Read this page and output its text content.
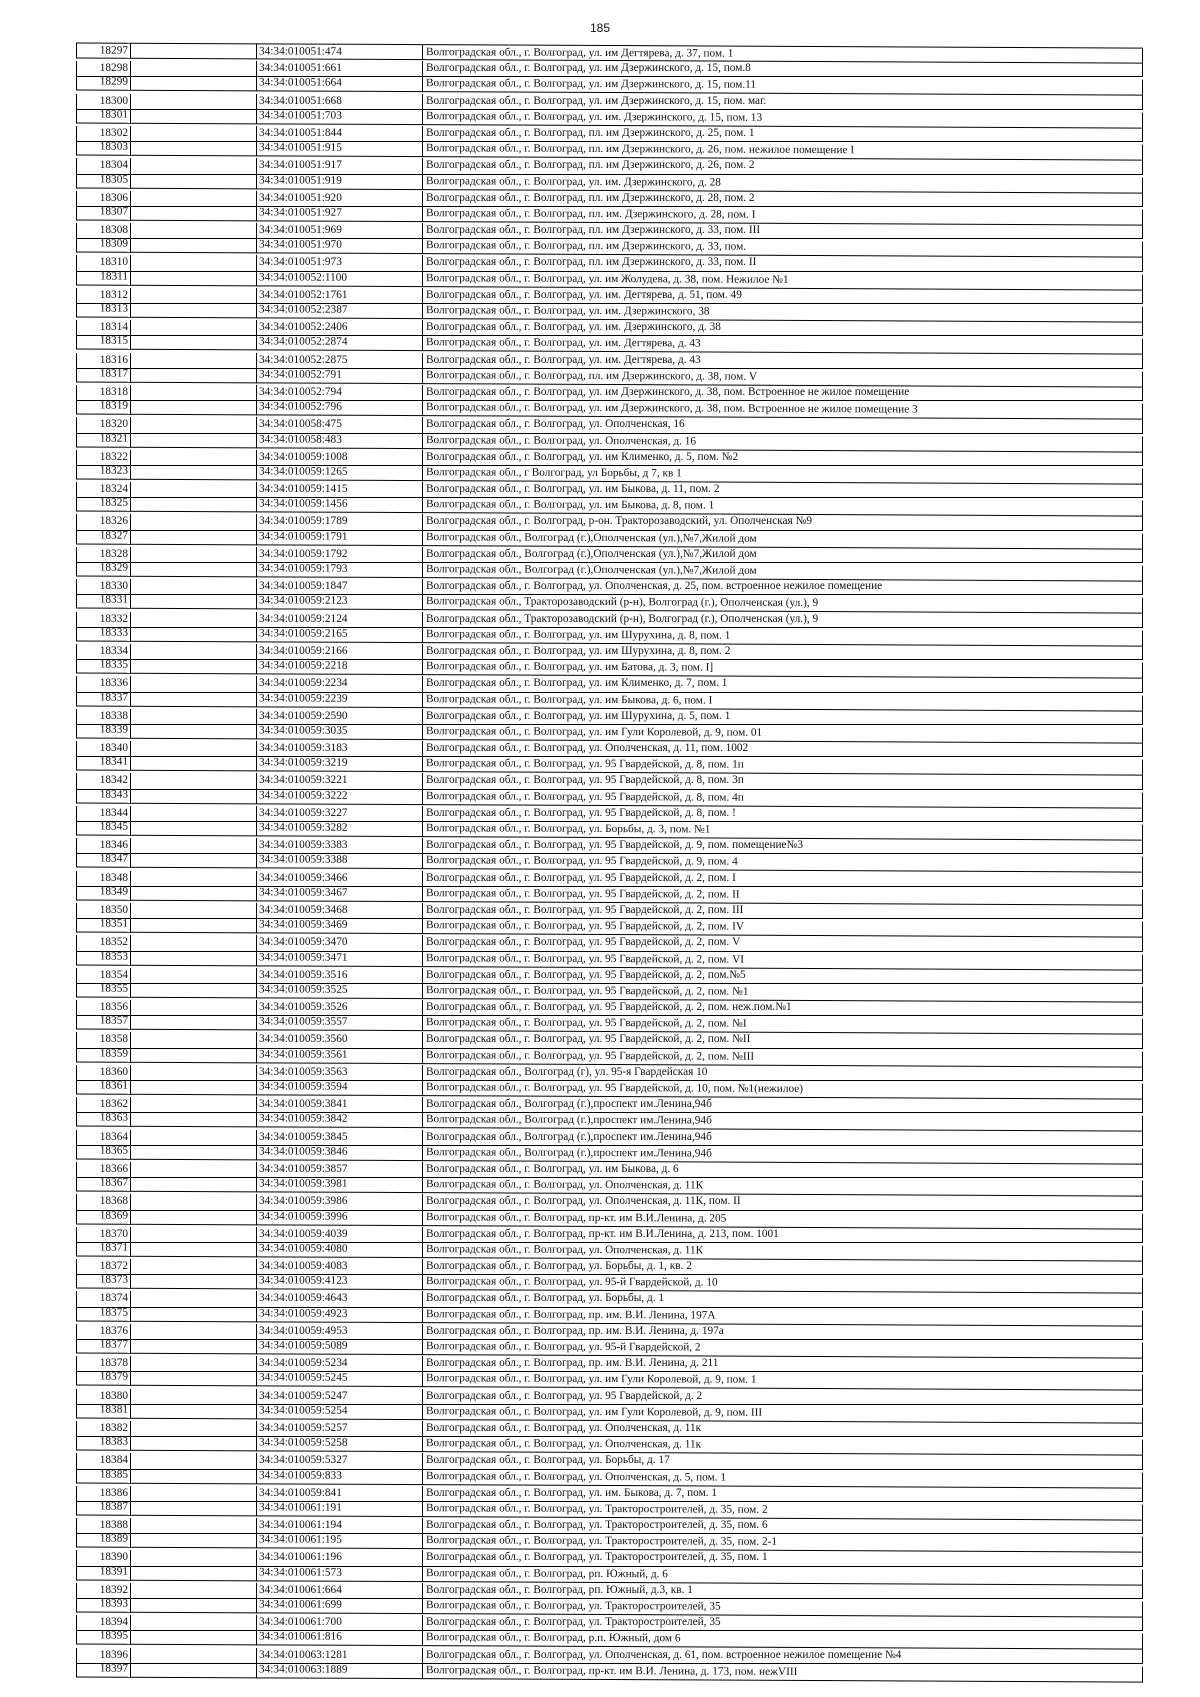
185
18297	34:34:010051:474	Волгоградская обл., г. Волгоград, ул. им Дегтярева, д. 37, пом. 1
18298	34:34:010051:661	Волгоградская обл., г. Волгоград, ул. им Дзержинского, д. 15, пом.8
18299	34:34:010051:664	Волгоградская обл., г. Волгоград, ул. им Дзержинского, д. 15, пом.11
18300	34:34:010051:668	Волгоградская обл., г. Волгоград, ул. им Дзержинского, д. 15, пом. маг.
18301	34:34:010051:703	Волгоградская обл., г. Волгоград, ул. им. Дзержинского, д. 15, пом. 13
18302	34:34:010051:844	Волгоградская обл., г. Волгоград, пл. им Дзержинского, д. 25, пом. 1
18303	34:34:010051:915	Волгоградская обл., г. Волгоград, пл. им Дзержинского, д. 26, пом. нежилое помещение I
18304	34:34:010051:917	Волгоградская обл., г. Волгоград, пл. им Дзержинского, д. 26, пом. 2
18305	34:34:010051:919	Волгоградская обл., г. Волгоград, ул. им. Дзержинского, д. 28
18306	34:34:010051:920	Волгоградская обл., г. Волгоград, пл. им Дзержинского, д. 28, пом. 2
18307	34:34:010051:927	Волгоградская обл., г. Волгоград, пл. им. Дзержинского, д. 28, пом. I
18308	34:34:010051:969	Волгоградская обл., г. Волгоград, пл. им Дзержинского, д. 33, пом. III
18309	34:34:010051:970	Волгоградская обл., г. Волгоград, пл. им Дзержинского, д. 33, пом.
18310	34:34:010051:973	Волгоградская обл., г. Волгоград, пл. им Дзержинского, д. 33, пом. II
18311	34:34:010052:1100	Волгоградская обл., г. Волгоград, ул. им Жолудева, д. 38, пом. Нежилое №1
18312	34:34:010052:1761	Волгоградская обл., г. Волгоград, ул. им. Дегтярева, д. 51, пом. 49
18313	34:34:010052:2387	Волгоградская обл., г. Волгоград, ул. им. Дзержинского, 38
18314	34:34:010052:2406	Волгоградская обл., г. Волгоград, ул. им. Дзержинского, д. 38
18315	34:34:010052:2874	Волгоградская обл., г. Волгоград, ул. им. Дегтярева, д. 43
18316	34:34:010052:2875	Волгоградская обл., г. Волгоград, ул. им. Дегтярева, д. 43
18317	34:34:010052:791	Волгоградская обл., г. Волгоград, пл. им Дзержинского, д. 38, пом. V
18318	34:34:010052:794	Волгоградская обл., г. Волгоград, ул. им Дзержинского, д. 38, пом. Встроенное не жилое помещение
18319	34:34:010052:796	Волгоградская обл., г. Волгоград, ул. им Дзержинского, д. 38, пом. Встроенное не жилое помещение 3
18320	34:34:010058:475	Волгоградская обл., г. Волгоград, ул. Ополченская, 16
18321	34:34:010058:483	Волгоградская обл., г. Волгоград, ул. Ополченская, д. 16
18322	34:34:010059:1008	Волгоградская обл., г. Волгоград, ул. им Клименко, д. 5, пом. №2
18323	34:34:010059:1265	Волгоградская обл., г Волгоград, ул Борьбы, д 7, кв 1
18324	34:34:010059:1415	Волгоградская обл., г. Волгоград, ул. им Быкова, д. 11, пом. 2
18325	34:34:010059:1456	Волгоградская обл., г. Волгоград, ул. им Быкова, д. 8, пом. 1
18326	34:34:010059:1789	Волгоградская обл., г. Волгоград, р-он. Тракторозаводский, ул. Ополченская №9
18327	34:34:010059:1791	Волгоградская обл., Волгоград (г.),Ополченская (ул.),№7,Жилой дом
18328	34:34:010059:1792	Волгоградская обл., Волгоград (г.),Ополченская (ул.),№7,Жилой дом
18329	34:34:010059:1793	Волгоградская обл., Волгоград (г.),Ополченская (ул.),№7,Жилой дом
18330	34:34:010059:1847	Волгоградская обл., г. Волгоград, ул. Ополченская, д. 25, пом. встроенное нежилое помещение
18331	34:34:010059:2123	Волгоградская обл., Тракторозаводский (р-н), Волгоград (г.), Ополченская (ул.), 9
18332	34:34:010059:2124	Волгоградская обл., Тракторозаводский (р-н), Волгоград (г.), Ополченская (ул.), 9
18333	34:34:010059:2165	Волгоградская обл., г. Волгоград, ул. им Шурухина, д. 8, пом. 1
18334	34:34:010059:2166	Волгоградская обл., г. Волгоград, ул. им Шурухина, д. 8, пом. 2
18335	34:34:010059:2218	Волгоградская обл., г. Волгоград, ул. им Батова, д. 3, пом. I]
18336	34:34:010059:2234	Волгоградская обл., г. Волгоград, ул. им Клименко, д. 7, пом. 1
18337	34:34:010059:2239	Волгоградская обл., г. Волгоград, ул. им Быкова, д. 6, пом. I
18338	34:34:010059:2590	Волгоградская обл., г. Волгоград, ул. им Шурухина, д. 5, пом. 1
18339	34:34:010059:3035	Волгоградская обл., г. Волгоград, ул. им Гули Королевой, д. 9, пом. 01
18340	34:34:010059:3183	Волгоградская обл., г. Волгоград, ул. Ополченская, д. 11, пом. 1002
18341	34:34:010059:3219	Волгоградская обл., г. Волгоград, ул. 95 Гвардейской, д. 8, пом. 1п
18342	34:34:010059:3221	Волгоградская обл., г. Волгоград, ул. 95 Гвардейской, д. 8, пом. 3п
18343	34:34:010059:3222	Волгоградская обл., г. Волгоград, ул. 95 Гвардейской, д. 8, пом. 4п
18344	34:34:010059:3227	Волгоградская обл., г. Волгоград, ул. 95 Гвардейской, д. 8, пом. !
18345	34:34:010059:3282	Волгоградская обл., г. Волгоград, ул. Борьбы, д. 3, пом. №1
18346	34:34:010059:3383	Волгоградская обл., г. Волгоград, ул. 95 Гвардейской, д. 9, пом. помещение№3
18347	34:34:010059:3388	Волгоградская обл., г. Волгоград, ул. 95 Гвардейской, д. 9, пом. 4
18348	34:34:010059:3466	Волгоградская обл., г. Волгоград, ул. 95 Гвардейской, д. 2, пом. I
18349	34:34:010059:3467	Волгоградская обл., г. Волгоград, ул. 95 Гвардейской, д. 2, пом. II
18350	34:34:010059:3468	Волгоградская обл., г. Волгоград, ул. 95 Гвардейской, д. 2, пом. III
18351	34:34:010059:3469	Волгоградская обл., г. Волгоград, ул. 95 Гвардейской, д. 2, пом. IV
18352	34:34:010059:3470	Волгоградская обл., г. Волгоград, ул. 95 Гвардейской, д. 2, пом. V
18353	34:34:010059:3471	Волгоградская обл., г. Волгоград, ул. 95 Гвардейской, д. 2, пом. VI
18354	34:34:010059:3516	Волгоградская обл., г. Волгоград, ул. 95 Гвардейской, д. 2, пом.№5
18355	34:34:010059:3525	Волгоградская обл., г. Волгоград, ул. 95 Гвардейской, д. 2, пом. №1
18356	34:34:010059:3526	Волгоградская обл., г. Волгоград, ул. 95 Гвардейской, д. 2, пом. неж.пом.№1
18357	34:34:010059:3557	Волгоградская обл., г. Волгоград, ул. 95 Гвардейской, д. 2, пом. №I
18358	34:34:010059:3560	Волгоградская обл., г. Волгоград, ул. 95 Гвардейской, д. 2, пом. №II
18359	34:34:010059:3561	Волгоградская обл., г. Волгоград, ул. 95 Гвардейской, д. 2, пом. №III
18360	34:34:010059:3563	Волгоградская обл., Волгоград (г), ул. 95-я Гвардейская 10
18361	34:34:010059:3594	Волгоградская обл., г. Волгоград, ул. 95 Гвардейской, д. 10, пом. №1(нежилое)
18362	34:34:010059:3841	Волгоградская обл., Волгоград (г.),проспект им.Ленина,94б
18363	34:34:010059:3842	Волгоградская обл., Волгоград (г.),проспект им.Ленина,94б
18364	34:34:010059:3845	Волгоградская обл., Волгоград (г.),проспект им.Ленина,94б
18365	34:34:010059:3846	Волгоградская обл., Волгоград (г.),проспект им.Ленина,94б
18366	34:34:010059:3857	Волгоградская обл., г. Волгоград, ул. им Быкова, д. 6
18367	34:34:010059:3981	Волгоградская обл., г. Волгоград, ул. Ополченская, д. 11К
18368	34:34:010059:3986	Волгоградская обл., г. Волгоград, ул. Ополченская, д. 11К, пом. II
18369	34:34:010059:3996	Волгоградская обл., г. Волгоград, пр-кт. им В.И.Ленина, д. 205
18370	34:34:010059:4039	Волгоградская обл., г. Волгоград, пр-кт. им В.И.Ленина, д. 213, пом. 1001
18371	34:34:010059:4080	Волгоградская обл., г. Волгоград, ул. Ополченская, д. 11К
18372	34:34:010059:4083	Волгоградская обл., г. Волгоград, ул. Борьбы, д. 1, кв. 2
18373	34:34:010059:4123	Волгоградская обл., г. Волгоград, ул. 95-й Гвардейской, д. 10
18374	34:34:010059:4643	Волгоградская обл., г. Волгоград, ул. Борьбы, д. 1
18375	34:34:010059:4923	Волгоградская обл., г. Волгоград, пр. им. В.И. Ленина, 197А
18376	34:34:010059:4953	Волгоградская обл., г. Волгоград, пр. им. В.И. Ленина, д. 197а
18377	34:34:010059:5089	Волгоградская обл., г. Волгоград, ул. 95-й Гвардейской, 2
18378	34:34:010059:5234	Волгоградская обл., г. Волгоград, пр. им. В.И. Ленина, д. 211
18379	34:34:010059:5245	Волгоградская обл., г. Волгоград, ул. им Гули Королевой, д. 9, пом. 1
18380	34:34:010059:5247	Волгоградская обл., г. Волгоград, ул. 95 Гвардейской, д. 2
18381	34:34:010059:5254	Волгоградская обл., г. Волгоград, ул. им Гули Королевой, д. 9, пом. III
18382	34:34:010059:5257	Волгоградская обл., г. Волгоград, ул. Ополченская, д. 11к
18383	34:34:010059:5258	Волгоградская обл., г. Волгоград, ул. Ополченская, д. 11к
18384	34:34:010059:5327	Волгоградская обл., г. Волгоград, ул. Борьбы, д. 17
18385	34:34:010059:833	Волгоградская обл., г. Волгоград, ул. Ополченская, д. 5, пом. 1
18386	34:34:010059:841	Волгоградская обл., г. Волгоград, ул. им. Быкова, д. 7, пом. 1
18387	34:34:010061:191	Волгоградская обл., г. Волгоград, ул. Тракторостроителей, д. 35, пом. 2
18388	34:34:010061:194	Волгоградская обл., г. Волгоград, ул. Тракторостроителей, д. 35, пом. 6
18389	34:34:010061:195	Волгоградская обл., г. Волгоград, ул. Тракторостроителей, д. 35, пом. 2-1
18390	34:34:010061:196	Волгоградская обл., г. Волгоград, ул. Тракторостроителей, д. 35, пом. 1
18391	34:34:010061:573	Волгоградская обл., г. Волгоград, рп. Южный, д. 6
18392	34:34:010061:664	Волгоградская обл., г. Волгоград, рп. Южный, д.3, кв. 1
18393	34:34:010061:699	Волгоградская обл., г. Волгоград, ул. Тракторостроителей, 35
18394	34:34:010061:700	Волгоградская обл., г. Волгоград, ул. Тракторостроителей, 35
18395	34:34:010061:816	Волгоградская обл., г. Волгоград, р.п. Южный, дом 6
18396	34:34:010063:1281	Волгоградская обл., г. Волгоград, ул. Ополченская, д. 61, пом. встроенное нежилое помещение №4
18397	34:34:010063:1889	Волгоградская обл., г. Волгоград, пр-кт. им В.И. Ленина, д. 173, пом. нежVIII
